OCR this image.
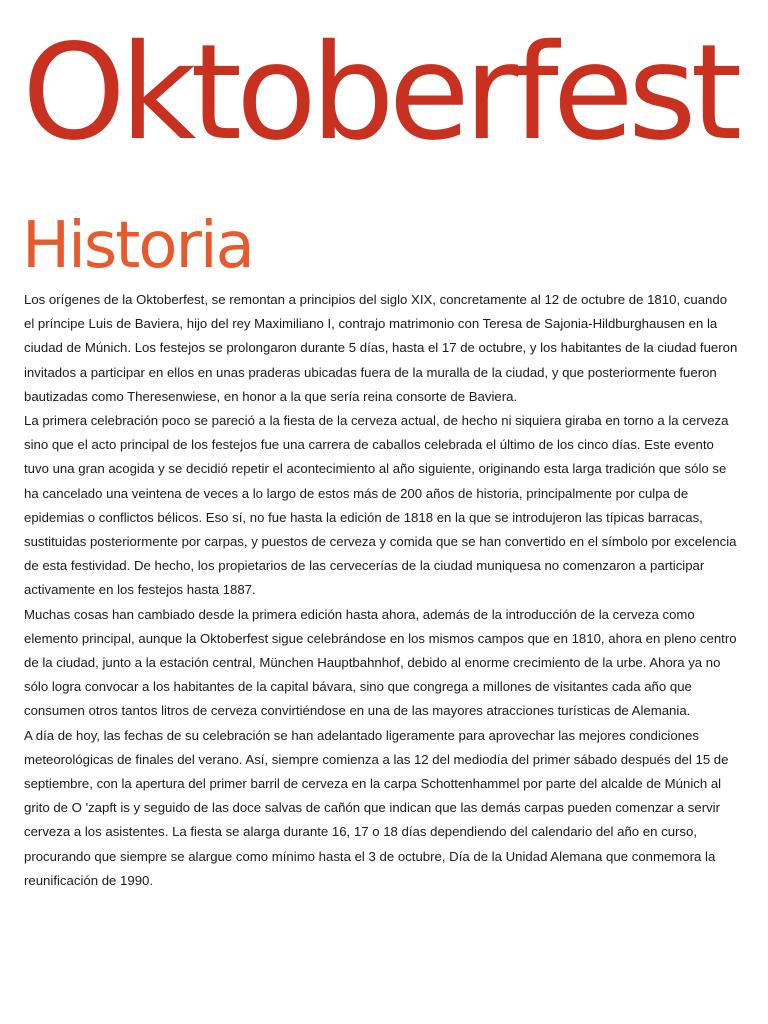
Oktoberfest
Historia

Los orígenes de la Oktoberfest, se remontan a principios del siglo XIX, concretamente al 12 de octubre de 1810, cuando el príncipe Luis de Baviera, hijo del rey Maximiliano I, contrajo matrimonio con Teresa de Sajonia-Hildburghausen en la ciudad de Múnich. Los festejos se prolongaron durante 5 días, hasta el 17 de octubre, y los habitantes de la ciudad fueron invitados a participar en ellos en unas praderas ubicadas fuera de la muralla de la ciudad, y que posteriormente fueron bautizadas como Theresenwiese, en honor a la que sería reina consorte de Baviera.

La primera celebración poco se pareció a la fiesta de la cerveza actual, de hecho ni siquiera giraba en torno a la cerveza sino que el acto principal de los festejos fue una carrera de caballos celebrada el último de los cinco días. Este evento tuvo una gran acogida y se decidió repetir el acontecimiento al año siguiente, originando esta larga tradición que sólo se ha cancelado una veintena de veces a lo largo de estos más de 200 años de historia, principalmente por culpa de epidemias o conflictos bélicos. Eso sí, no fue hasta la edición de 1818 en la que se introdujeron las típicas barracas, sustituidas posteriormente por carpas, y puestos de cerveza y comida que se han convertido en el símbolo por excelencia de esta festividad. De hecho, los propietarios de las cervecerías de la ciudad muniquesa no comenzaron a participar activamente en los festejos hasta 1887.

Muchas cosas han cambiado desde la primera edición hasta ahora, además de la introducción de la cerveza como elemento principal, aunque la Oktoberfest sigue celebrándose en los mismos campos que en 1810, ahora en pleno centro de la ciudad, junto a la estación central, München Hauptbahnhof, debido al enorme crecimiento de la urbe. Ahora ya no sólo logra convocar a los habitantes de la capital bávara, sino que congrega a millones de visitantes cada año que consumen otros tantos litros de cerveza convirtiéndose en una de las mayores atracciones turísticas de Alemania.

A día de hoy, las fechas de su celebración se han adelantado ligeramente para aprovechar las mejores condiciones meteorológicas de finales del verano. Así, siempre comienza a las 12 del mediodía del primer sábado después del 15 de septiembre, con la apertura del primer barril de cerveza en la carpa Schottenhammel por parte del alcalde de Múnich al grito de O 'zapft is y seguido de las doce salvas de cañón que indican que las demás carpas pueden comenzar a servir cerveza a los asistentes. La fiesta se alarga durante 16, 17 o 18 días dependiendo del calendario del año en curso, procurando que siempre se alargue como mínimo hasta el 3 de octubre, Día de la Unidad Alemana que conmemora la reunificación de 1990.
